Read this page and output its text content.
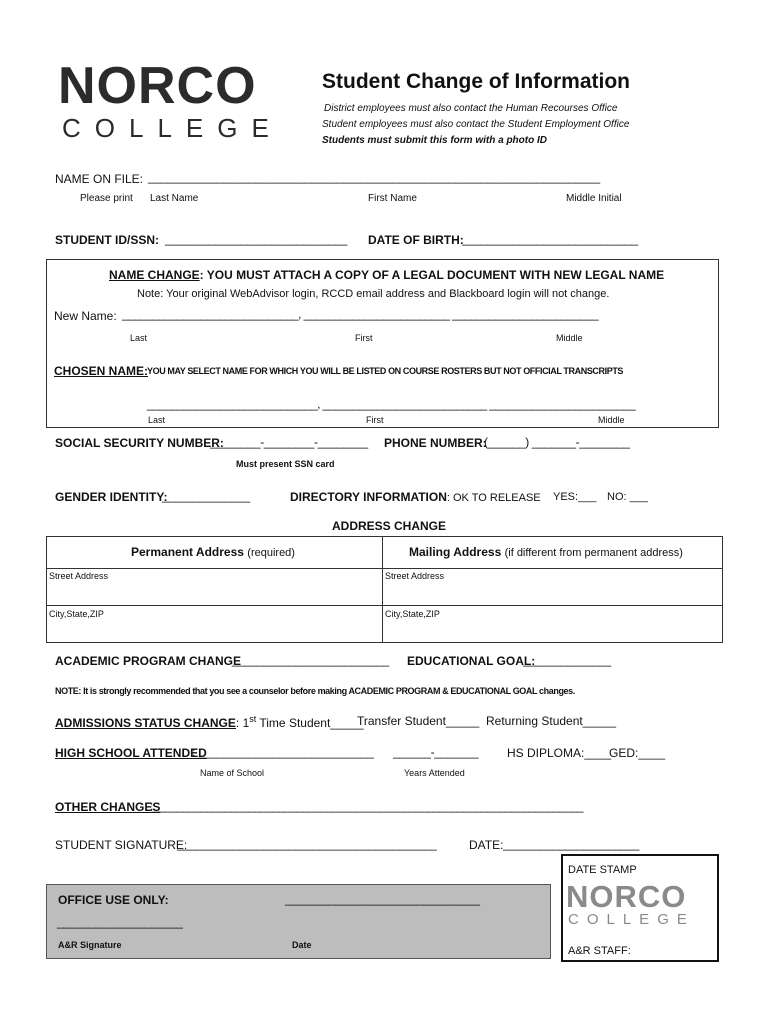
NORCO
COLLEGE
Student Change of Information
District employees must also contact the Human Recourses Office
Student employees must also contact the Student Employment Office
Students must submit this form with a photo ID
NAME ON FILE: ________________________________________________________________________
Please print Last Name	First Name	Middle Initial
STUDENT ID/SSN: _____________________________ DATE OF BIRTH:
____________________________
NAME CHANGE: YOU MUST ATTACH A COPY OF A LEGAL DOCUMENT WITH NEW LEGAL NAME
Note: Your original WebAdvisor login, RCCD email address and Blackboard login will not change.
New Name: _____________________________, ________________________ ________________________
Last	First	Middle
CHOSEN NAME:
YOU MAY SELECT NAME FOR WHICH YOU WILL BE LISTED ON COURSE ROSTERS BUT NOT OFFICIAL TRANSCRIPTS
____________________________, ___________________________ ________________________
Last	First	Middle
SOCIAL SECURITY NUMBER:
________-________-________ PHONE NUMBER:
(______) _______-________
Must present SSN card
GENDER IDENTITY:
______________	DIRECTORY INFORMATION: OK TO RELEASE YES:___ NO: ___
ADDRESS CHANGE
Permanent Address (required)	Mailing Address (if different from permanent address)
Street Address	Street Address
City,State,ZIP	City,State,ZIP
ACADEMIC PROGRAM CHANGE
:_________________________ EDUCATIONAL GOAL:
______________
NOTE: It is strongly recommended that you see a counselor before making ACADEMIC PROGRAM & EDUCATIONAL GOAL changes.
ADMISSIONS STATUS CHANGE: 1st Time Student_____
Transfer Student_____ Returning Student_____
HIGH SCHOOL ATTENDED
: ____________________________ ______-_______ HS DIPLOMA:____
GED:____
Name of School	Years Attended
OTHER CHANGES
:________________________________________________________________________
STUDENT SIGNATURE:
__________________________________________	DATE: ______________________
OFFICE USE ONLY:	_______________________________
____________________
A&R Signature	Date
DATE STAMP
NORCO
COLLEGE
A&R STAFF:
